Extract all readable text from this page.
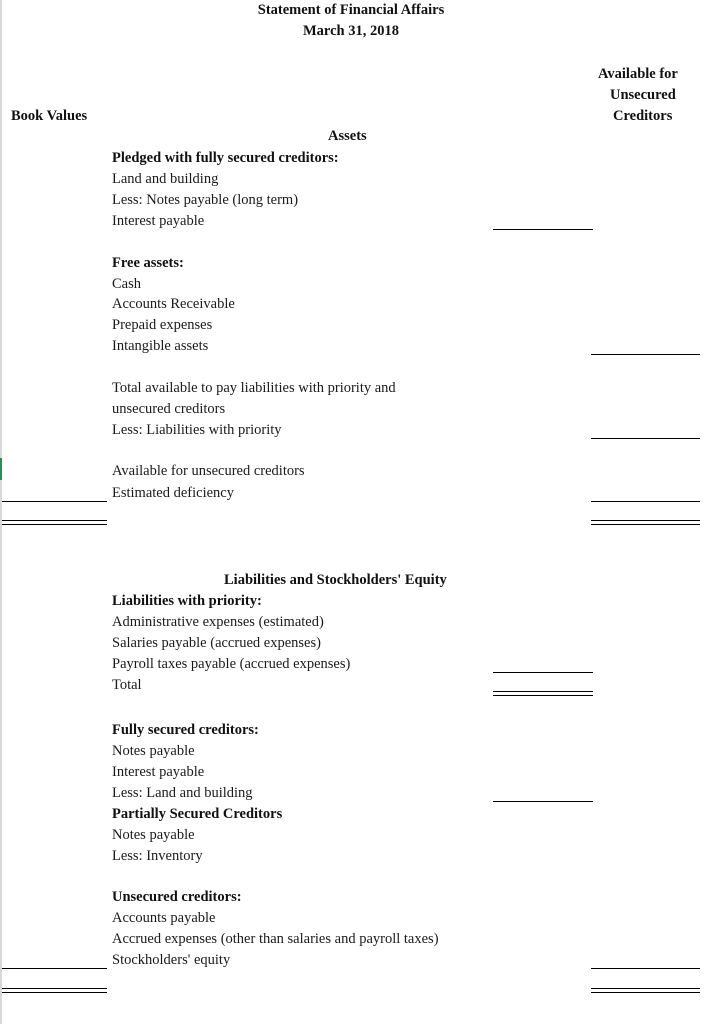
Statement of Financial Affairs
March 31, 2018
Available for
Unsecured
Creditors
Book Values
Assets
Pledged with fully secured creditors:
Land and building
Less: Notes payable (long term)
Interest payable
Free assets:
Cash
Accounts Receivable
Prepaid expenses
Intangible assets
Total available to pay liabilities with priority and
unsecured creditors
Less: Liabilities with priority
Available for unsecured creditors
Estimated deficiency
Liabilities and Stockholders' Equity
Liabilities with priority:
Administrative expenses (estimated)
Salaries payable (accrued expenses)
Payroll taxes payable (accrued expenses)
Total
Fully secured creditors:
Notes payable
Interest payable
Less: Land and building
Partially Secured Creditors
Notes payable
Less: Inventory
Unsecured creditors:
Accounts payable
Accrued expenses (other than salaries and payroll taxes)
Stockholders' equity
